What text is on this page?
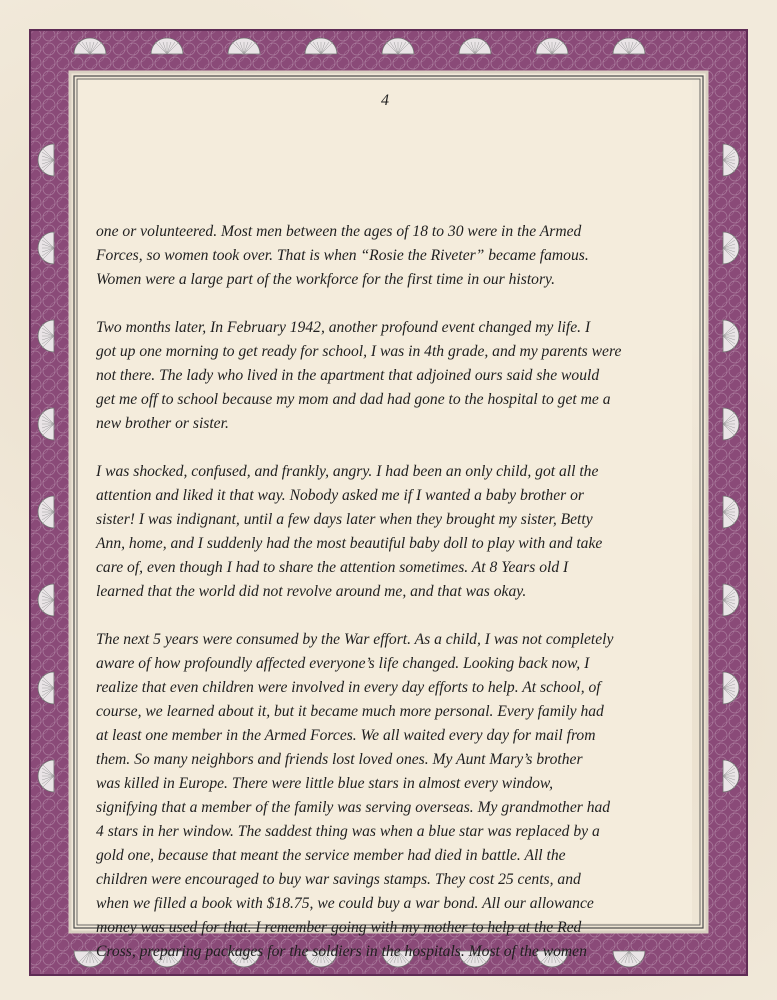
4

one or volunteered. Most men between the ages of 18 to 30 were in the Armed
Forces, so women took over. That is when “Rosie the Riveter” became famous.
Women were a large part of the workforce for the first time in our history.

Two months later, In February 1942, another profound event changed my life. I
got up one morning to get ready for school, I was in 4th grade, and my parents were
not there. The lady who lived in the apartment that adjoined ours said she would
get me off to school because my mom and dad had gone to the hospital to get me a
new brother or sister.

I was shocked, confused, and frankly, angry. I had been an only child, got all the
attention and liked it that way. Nobody asked me if I wanted a baby brother or
sister! I was indignant, until a few days later when they brought my sister, Betty
Ann, home, and I suddenly had the most beautiful baby doll to play with and take
care of, even though I had to share the attention sometimes. At 8 Years old I
learned that the world did not revolve around me, and that was okay.

The next 5 years were consumed by the War effort. As a child, I was not completely
aware of how profoundly affected everyone’s life changed. Looking back now, I
realize that even children were involved in every day efforts to help. At school, of
course, we learned about it, but it became much more personal. Every family had
at least one member in the Armed Forces. We all waited every day for mail from
them. So many neighbors and friends lost loved ones. My Aunt Mary’s brother
was killed in Europe. There were little blue stars in almost every window,
signifying that a member of the family was serving overseas. My grandmother had
4 stars in her window. The saddest thing was when a blue star was replaced by a
gold one, because that meant the service member had died in battle. All the
children were encouraged to buy war savings stamps. They cost 25 cents, and
when we filled a book with $18.75, we could buy a war bond. All our allowance
money was used for that. I remember going with my mother to help at the Red
Cross, preparing packages for the soldiers in the hospitals. Most of the women
